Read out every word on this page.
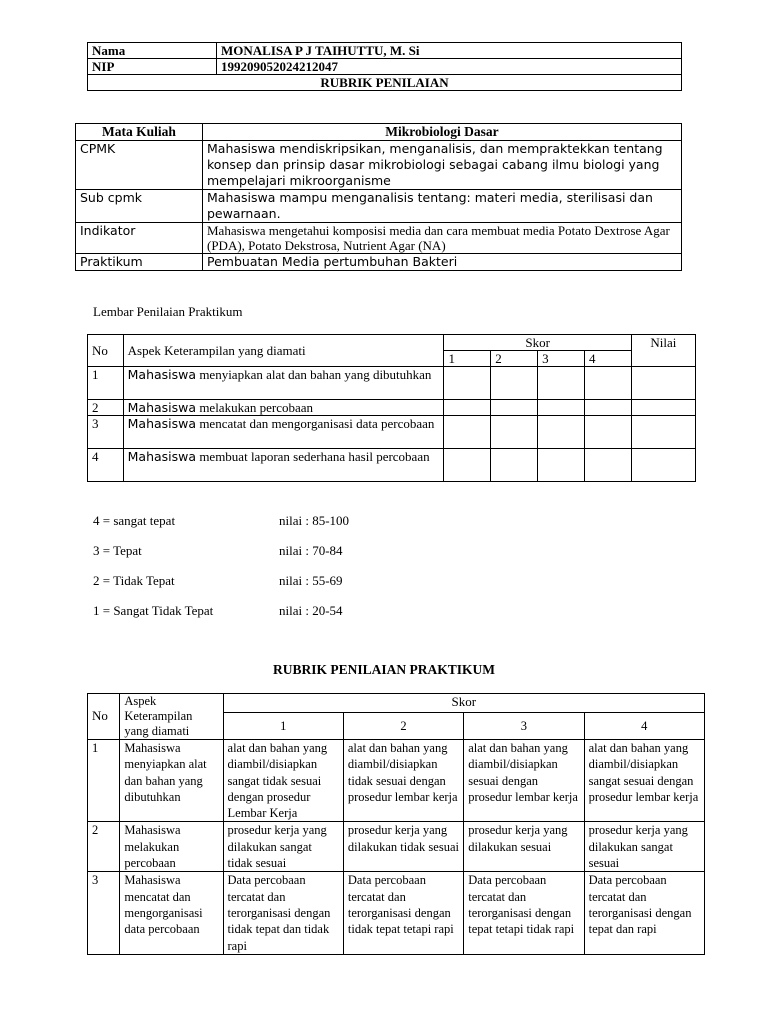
Nama	MONALISA P J TAIHUTTU, M. Si
NIP	199209052024212047
RUBRIK PENILAIAN	
Mata Kuliah	Mikrobiologi Dasar
CPMK	Mahasiswa mendiskripsikan, menganalisis, dan mempraktekkan tentang konsep dan prinsip dasar mikrobiologi sebagai cabang ilmu biologi yang mempelajari mikroorganisme
Sub cpmk	Mahasiswa mampu menganalisis tentang: materi media, sterilisasi dan pewarnaan.
Indikator	Mahasiswa mengetahui komposisi media dan cara membuat media Potato Dextrose Agar (PDA), Potato Dekstrosa, Nutrient Agar (NA)
Praktikum	Pembuatan Media pertumbuhan Bakteri
Lembar Penilaian Praktikum
No	Aspek Keterampilan yang diamati	Skor				Nilai
		1	2	3	4	
1	Mahasiswa menyiapkan alat dan bahan yang dibutuhkan					
2	Mahasiswa melakukan percobaan					
3	Mahasiswa mencatat dan mengorganisasi data percobaan					
4	Mahasiswa membuat laporan sederhana hasil percobaan					
4 = sangat tepat	nilai : 85-100
3 = Tepat	nilai : 70-84
2 = Tidak Tepat	nilai : 55-69
1 = Sangat Tidak Tepat	nilai : 20-54
RUBRIK PENILAIAN PRAKTIKUM
No	Aspek Keterampilan yang diamati	Skor			
		1	2	3	4
1	Mahasiswa menyiapkan alat dan bahan yang dibutuhkan	alat dan bahan yang diambil/disiapkan sangat tidak sesuai dengan prosedur Lembar Kerja	alat dan bahan yang diambil/disiapkan tidak sesuai dengan prosedur lembar kerja	alat dan bahan yang diambil/disiapkan sesuai dengan prosedur lembar kerja	alat dan bahan yang diambil/disiapkan sangat sesuai dengan prosedur lembar kerja
2	Mahasiswa melakukan percobaan	prosedur kerja yang dilakukan sangat tidak sesuai	prosedur kerja yang dilakukan tidak sesuai	prosedur kerja yang dilakukan sesuai	prosedur kerja yang dilakukan sangat sesuai
3	Mahasiswa mencatat dan mengorganisasi data percobaan	Data percobaan tercatat dan terorganisasi dengan tidak tepat dan tidak rapi	Data percobaan tercatat dan terorganisasi dengan tidak tepat tetapi rapi	Data percobaan tercatat dan terorganisasi dengan tepat tetapi tidak rapi	Data percobaan tercatat dan terorganisasi dengan tepat dan rapi
